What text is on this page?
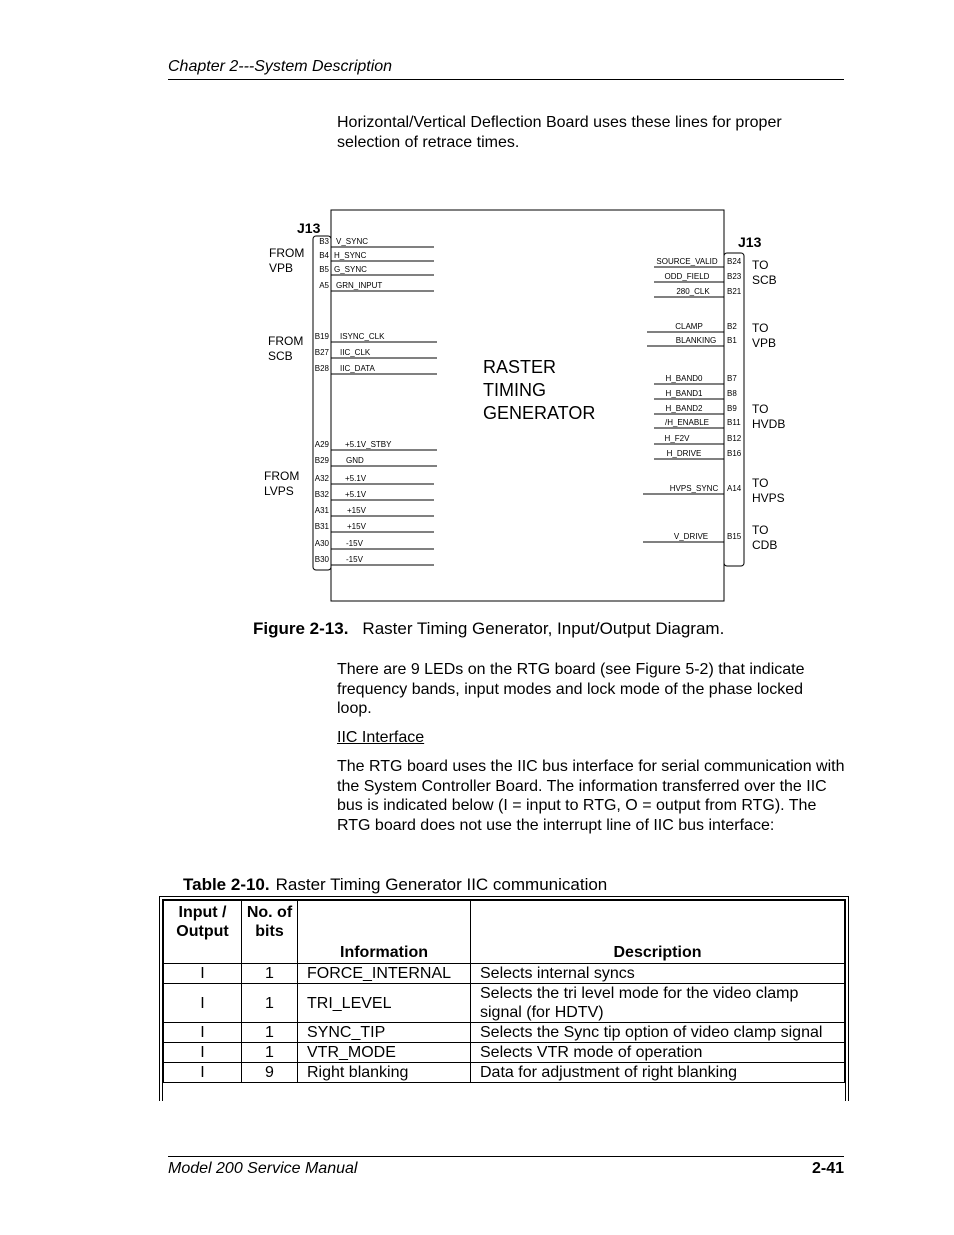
Chapter 2---System Description
Horizontal/Vertical Deflection Board uses these lines for proper selection of retrace times.
RASTER
TIMING
GENERATOR
J13
J13
FROM
VPB
FROM
SCB
FROM
LVPS
TO
SCB
TO
VPB
TO
HVDB
TO
HVPS
TO
CDB
B3 V_SYNC
B4 H_SYNC
B5 G_SYNC
A5 GRN_INPUT
B19 ISYNC_CLK
B27 IIC_CLK
B28 IIC_DATA
A29 +5.1V_STBY
B29 GND
A32 +5.1V
B32 +5.1V
A31 +15V
B31 +15V
A30 -15V
B30 -15V
SOURCE_VALID B24
ODD_FIELD B23
280_CLK B21
CLAMP	B2
BLANKING B1
H_BAND0	B7
H_BAND1	B8
H_BAND2	B9
/H_ENABLE B11
H_F2V	B12
H_DRIVE	B16
HVPS_SYNC A14
V_DRIVE B15
Figure 2-13. Raster Timing Generator, Input/Output Diagram.
There are 9 LEDs on the RTG board (see Figure 5-2) that indicate frequency bands, input modes and lock mode of the phase locked loop.
IIC Interface
The RTG board uses the IIC bus interface for serial communication with the System Controller Board. The information transferred over the IIC bus is indicated below (I = input to RTG, O = output from RTG). The RTG board does not use the interrupt line of IIC bus interface:
Table 2-10. Raster Timing Generator IIC communication
Input / Output	No. of bits	Information	Description
I	1	FORCE_INTERNAL	Selects internal syncs
I	1	TRI_LEVEL	Selects the tri level mode for the video clamp signal (for HDTV)
I	1	SYNC_TIP	Selects the Sync tip option of video clamp signal
I	1	VTR_MODE	Selects VTR mode of operation
I	9	Right blanking	Data for adjustment of right blanking
Model 200 Service Manual	2-41
